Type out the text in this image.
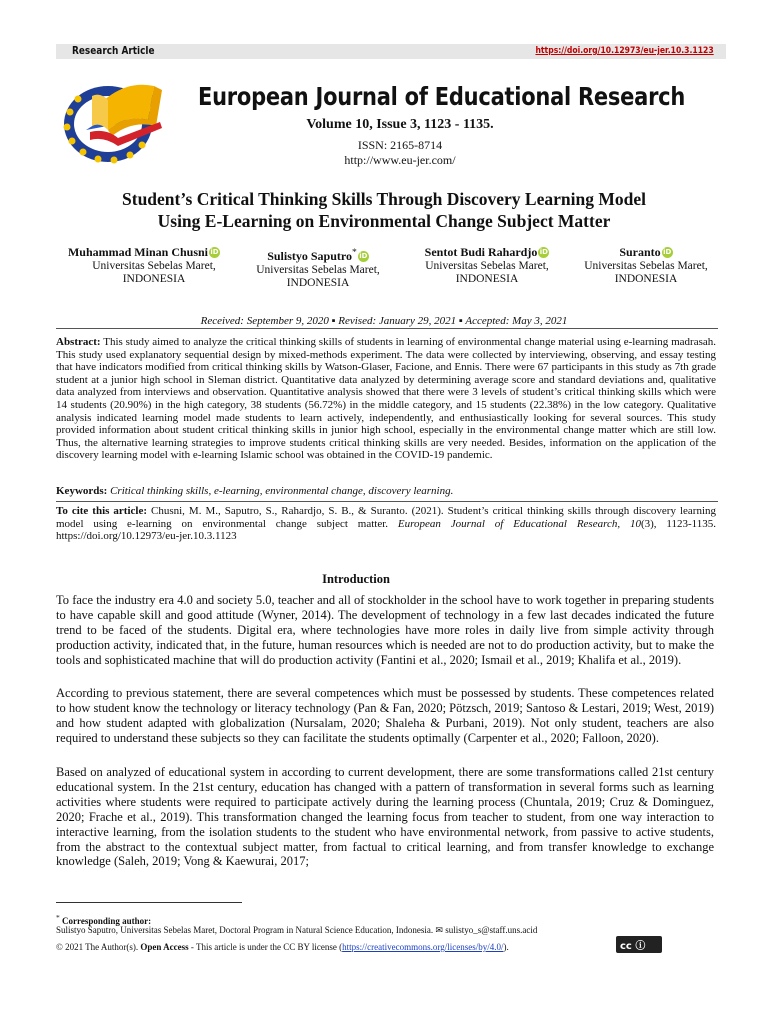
Research Article	https://doi.org/10.12973/eu-jer.10.3.1123
European Journal of Educational Research
Volume 10, Issue 3, 1123 - 1135.
ISSN: 2165-8714
http://www.eu-jer.com/
Student’s Critical Thinking Skills Through Discovery Learning Model
Using E-Learning on Environmental Change Subject Matter
Muhammad Minan Chusni iD
Universitas Sebelas Maret,
INDONESIA
Sulistyo Saputro* iD
Universitas Sebelas Maret,
INDONESIA
Sentot Budi Rahardjo iD
Universitas Sebelas Maret,
INDONESIA
Suranto iD
Universitas Sebelas Maret,
INDONESIA
Received: September 9, 2020 ▪ Revised: January 29, 2021 ▪ Accepted: May 3, 2021
Abstract: This study aimed to analyze the critical thinking skills of students in learning of environmental change material using e-learning madrasah. This study used explanatory sequential design by mixed-methods experiment. The data were collected by interviewing, observing, and essay testing that have indicators modified from critical thinking skills by Watson-Glaser, Facione, and Ennis. There were 67 participants in this study as 7th grade student at a junior high school in Sleman district. Quantitative data analyzed by determining average score and standard deviations and, qualitative data analyzed from interviews and observation. Quantitative analysis showed that there were 3 levels of student’s critical thinking skills which were 14 students (20.90%) in the high category, 38 students (56.72%) in the middle category, and 15 students (22.38%) in the low category. Qualitative analysis indicated learning model made students to learn actively, independently, and enthusiastically looking for several sources. This study provided information about student critical thinking skills in junior high school, especially in the environmental change matter which are still low. Thus, the alternative learning strategies to improve students critical thinking skills are very needed. Besides, information on the application of the discovery learning model with e-learning Islamic school was obtained in the COVID-19 pandemic.
Keywords: Critical thinking skills, e-learning, environmental change, discovery learning.
To cite this article: Chusni, M. M., Saputro, S., Rahardjo, S. B., & Suranto. (2021). Student’s critical thinking skills through discovery learning model using e-learning on environmental change subject matter. European Journal of Educational Research, 10(3), 1123-1135. https://doi.org/10.12973/eu-jer.10.3.1123
Introduction
To face the industry era 4.0 and society 5.0, teacher and all of stockholder in the school have to work together in preparing students to have capable skill and good attitude (Wyner, 2014). The development of technology in a few last decades indicated the future trend to be faced of the students. Digital era, where technologies have more roles in daily live from simple activity through production activity, indicated that, in the future, human resources which is needed are not to do production activity, but to make the tools and sophisticated machine that will do production activity (Fantini et al., 2020; Ismail et al., 2019; Khalifa et al., 2019).
According to previous statement, there are several competences which must be possessed by students. These competences related to how student know the technology or literacy technology (Pan & Fan, 2020; Pötzsch, 2019; Santoso & Lestari, 2019; West, 2019) and how student adapted with globalization (Nursalam, 2020; Shaleha & Purbani, 2019). Not only student, teachers are also required to understand these subjects so they can facilitate the students optimally (Carpenter et al., 2020; Falloon, 2020).
Based on analyzed of educational system in according to current development, there are some transformations called 21st century educational system. In the 21st century, education has changed with a pattern of transformation in several forms such as learning activities where students were required to participate actively during the learning process (Chuntala, 2019; Cruz & Dominguez, 2020; Frache et al., 2019). This transformation changed the learning focus from teacher to student, from one way interaction to interactive learning, from the isolation students to the student who have environmental network, from passive to active students, from the abstract to the contextual subject matter, from factual to critical learning, and from transfer knowledge to exchange knowledge (Saleh, 2019; Vong & Kaewurai, 2017;
* Corresponding author:
Sulistyo Saputro, Universitas Sebelas Maret, Doctoral Program in Natural Science Education, Indonesia. ✉ sulistyo_s@staff.uns.acid
© 2021 The Author(s). Open Access - This article is under the CC BY license (https://creativecommons.org/licenses/by/4.0/).	cc ⓘ
